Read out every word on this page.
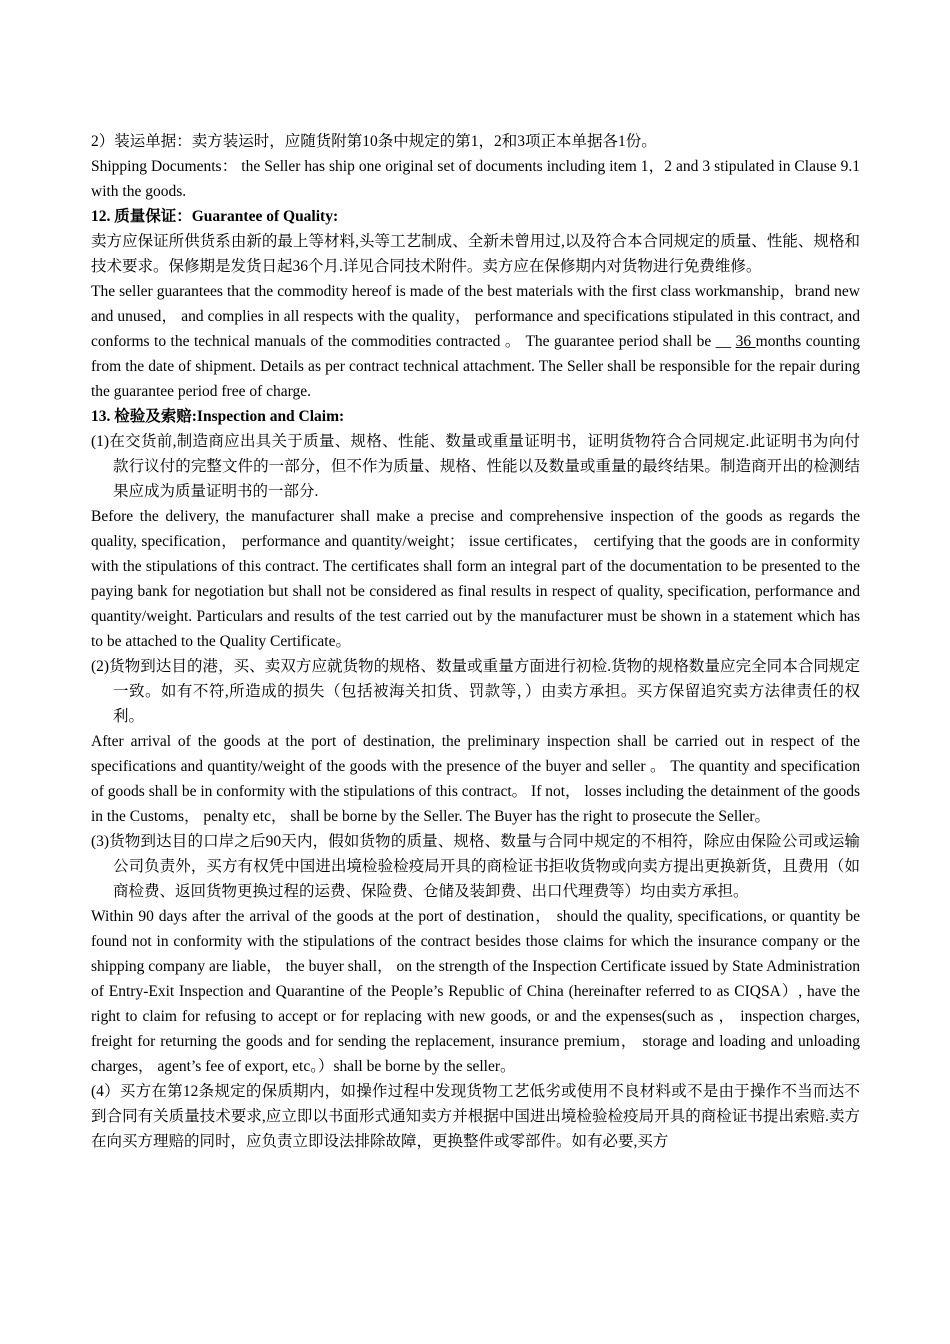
2）装运单据：卖方装运时，应随货附第10条中规定的第1，2和3项正本单据各1份。

Shipping Documents： the Seller has ship one original set of documents including item 1，2 and 3 stipulated in Clause 9.1 with the goods.

12. 质量保证：Guarantee of Quality:

卖方应保证所供货系由新的最上等材料,头等工艺制成、全新未曾用过,以及符合本合同规定的质量、性能、规格和技术要求。保修期是发货日起36个月.详见合同技术附件。卖方应在保修期内对货物进行免费维修。

The seller guarantees that the commodity hereof is made of the best materials with the first class workmanship，brand new and unused， and complies in all respects with the quality， performance and specifications stipulated in this contract, and conforms to the technical manuals of the commodities contracted 。 The guarantee period shall be __ 36 months counting from the date of shipment. Details as per contract technical attachment. The Seller shall be responsible for the repair during the guarantee period free of charge.

13. 检验及索赔:Inspection and Claim:

(1)在交货前,制造商应出具关于质量、规格、性能、数量或重量证明书，证明货物符合合同规定.此证明书为向付款行议付的完整文件的一部分，但不作为质量、规格、性能以及数量或重量的最终结果。制造商开出的检测结果应成为质量证明书的一部分.

Before the delivery, the manufacturer shall make a precise and comprehensive inspection of the goods as regards the quality, specification， performance and quantity/weight； issue certificates， certifying that the goods are in conformity with the stipulations of this contract. The certificates shall form an integral part of the documentation to be presented to the paying bank for negotiation but shall not be considered as final results in respect of quality, specification, performance and quantity/weight. Particulars and results of the test carried out by the manufacturer must be shown in a statement which has to be attached to the Quality Certificate。

(2)货物到达目的港，买、卖双方应就货物的规格、数量或重量方面进行初检.货物的规格数量应完全同本合同规定一致。如有不符,所造成的损失（包括被海关扣货、罚款等，）由卖方承担。买方保留追究卖方法律责任的权利。

After arrival of the goods at the port of destination, the preliminary inspection shall be carried out in respect of the specifications and quantity/weight of the goods with the presence of the buyer and seller 。 The quantity and specification of goods shall be in conformity with the stipulations of this contract。 If not， losses including the detainment of the goods in the Customs， penalty etc， shall be borne by the Seller. The Buyer has the right to prosecute the Seller。

(3)货物到达目的口岸之后90天内，假如货物的质量、规格、数量与合同中规定的不相符，除应由保险公司或运输公司负责外，买方有权凭中国进出境检验检疫局开具的商检证书拒收货物或向卖方提出更换新货，且费用（如商检费、返回货物更换过程的运费、保险费、仓储及装卸费、出口代理费等）均由卖方承担。

Within 90 days after the arrival of the goods at the port of destination， should the quality, specifications, or quantity be found not in conformity with the stipulations of the contract besides those claims for which the insurance company or the shipping company are liable， the buyer shall， on the strength of the Inspection Certificate issued by State Administration of Entry-Exit Inspection and Quarantine of the People’s Republic of China (hereinafter referred to as CIQSA）, have the right to claim for refusing to accept or for replacing with new goods, or and the expenses(such as ， inspection charges, freight for returning the goods and for sending the replacement, insurance premium， storage and loading and unloading charges， agent’s fee of export, etc。）shall be borne by the seller。

(4）买方在第12条规定的保质期内，如操作过程中发现货物工艺低劣或使用不良材料或不是由于操作不当而达不到合同有关质量技术要求,应立即以书面形式通知卖方并根据中国进出境检验检疫局开具的商检证书提出索赔.卖方在向买方理赔的同时，应负责立即设法排除故障，更换整件或零部件。如有必要,买方
